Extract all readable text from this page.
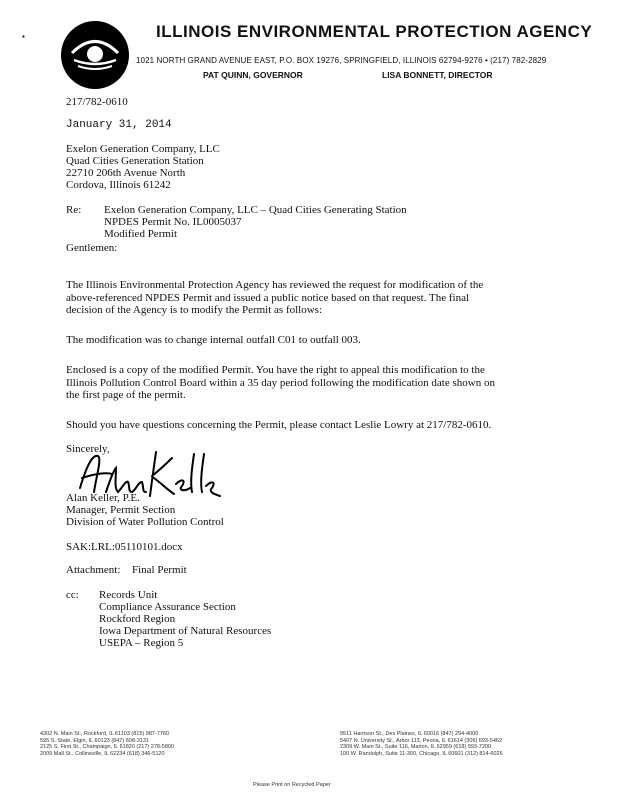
▪	ILLINOIS ENVIRONMENTAL PROTECTION AGENCY
1021 NORTH GRAND AVENUE EAST, P.O. BOX 19276, SPRINGFIELD, ILLINOIS 62794-9276 • (217) 782-2829
PAT QUINN, GOVERNOR	LISA BONNETT, DIRECTOR
217/782-0610
January 31, 2014
Exelon Generation Company, LLC
Quad Cities Generation Station
22710 206th Avenue North
Cordova, Illinois 61242
Re: Exelon Generation Company, LLC – Quad Cities Generating Station
NPDES Permit No. IL0005037
Modified Permit
Gentlemen:
The Illinois Environmental Protection Agency has reviewed the request for modification of the
above-referenced NPDES Permit and issued a public notice based on that request. The final
decision of the Agency is to modify the Permit as follows:
The modification was to change internal outfall C01 to outfall 003.
Enclosed is a copy of the modified Permit. You have the right to appeal this modification to the
Illinois Pollution Control Board within a 35 day period following the modification date shown on
the first page of the permit.
Should you have questions concerning the Permit, please contact Leslie Lowry at 217/782-0610.
Sincerely,
Alan Keller, P.E.
Manager, Permit Section
Division of Water Pollution Control
SAK:LRL:05110101.docx
Attachment: Final Permit
cc: Records Unit
Compliance Assurance Section
Rockford Region
Iowa Department of Natural Resources
USEPA – Region 5
4302 N. Main St., Rockford, IL 61103 (815) 987-7760
595 S. State, Elgin, IL 60123 (847) 608-3131
2125 S. First St., Champaign, IL 61820 (217) 278-5800
2009 Mall St., Collinsville, IL 62234 (618) 346-5120
9511 Harrison St., Des Plaines, IL 60016 (847) 294-4000
5407 N. University St., Arbor 113, Peoria, IL 61614 (309) 693-5462
2309 W. Main St., Suite 116, Marion, IL 62959 (618) 993-7200
100 W. Randolph, Suite 11-300, Chicago, IL 60601 (312) 814-6026
Please Print on Recycled Paper
